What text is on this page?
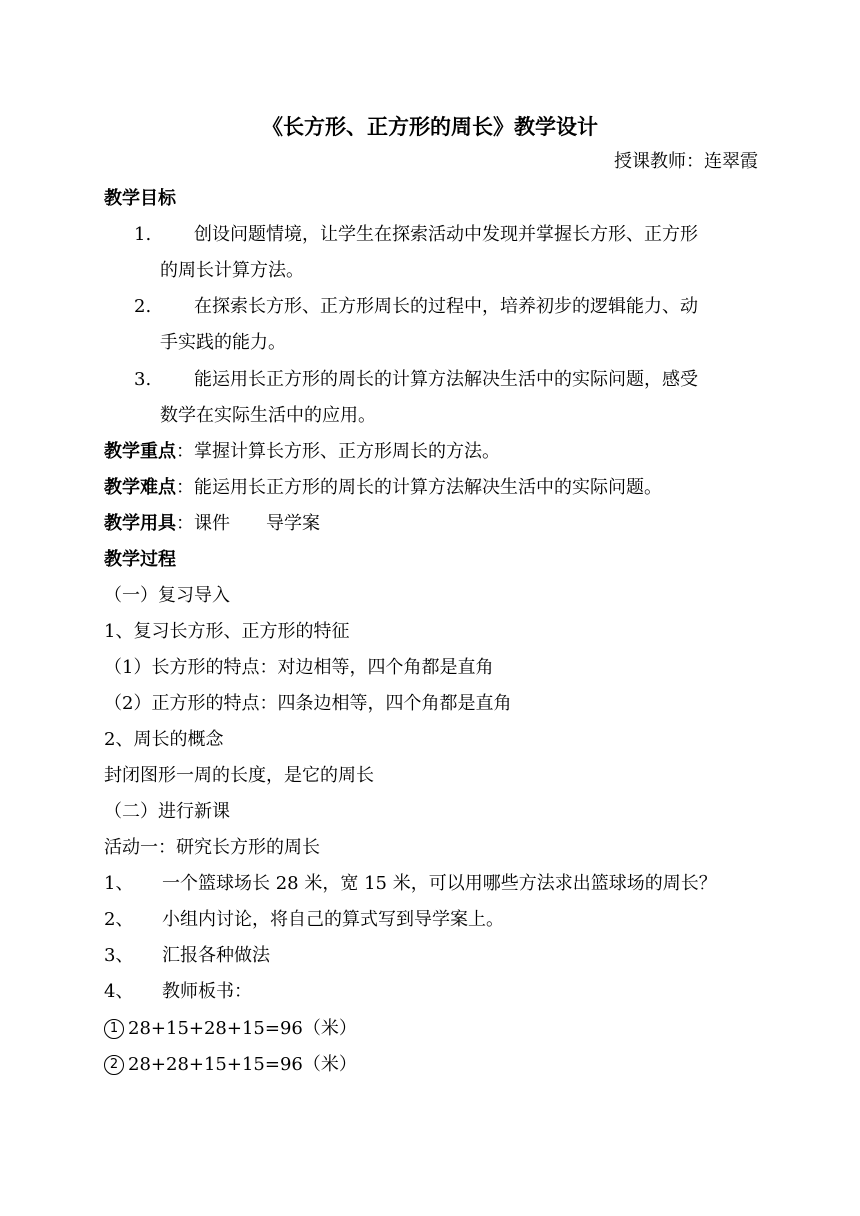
《长方形、正方形的周长》教学设计
授课教师：连翠霞
教学目标
1. 创设问题情境，让学生在探索活动中发现并掌握长方形、正方形
的周长计算方法。
2. 在探索长方形、正方形周长的过程中，培养初步的逻辑能力、动
手实践的能力。
3. 能运用长正方形的周长的计算方法解决生活中的实际问题，感受
数学在实际生活中的应用。
教学重点：掌握计算长方形、正方形周长的方法。
教学难点：能运用长正方形的周长的计算方法解决生活中的实际问题。
教学用具：课件　　导学案
教学过程
（一）复习导入
1、复习长方形、正方形的特征
（1）长方形的特点：对边相等，四个角都是直角
（2）正方形的特点：四条边相等，四个角都是直角
2、周长的概念
封闭图形一周的长度，是它的周长
（二）进行新课
活动一：研究长方形的周长
1、 一个篮球场长 28 米，宽 15 米，可以用哪些方法求出篮球场的周长？
2、 小组内讨论，将自己的算式写到导学案上。
3、 汇报各种做法
4、 教师板书：
1 28+15+28+15=96（米）
2 28+28+15+15=96（米）
